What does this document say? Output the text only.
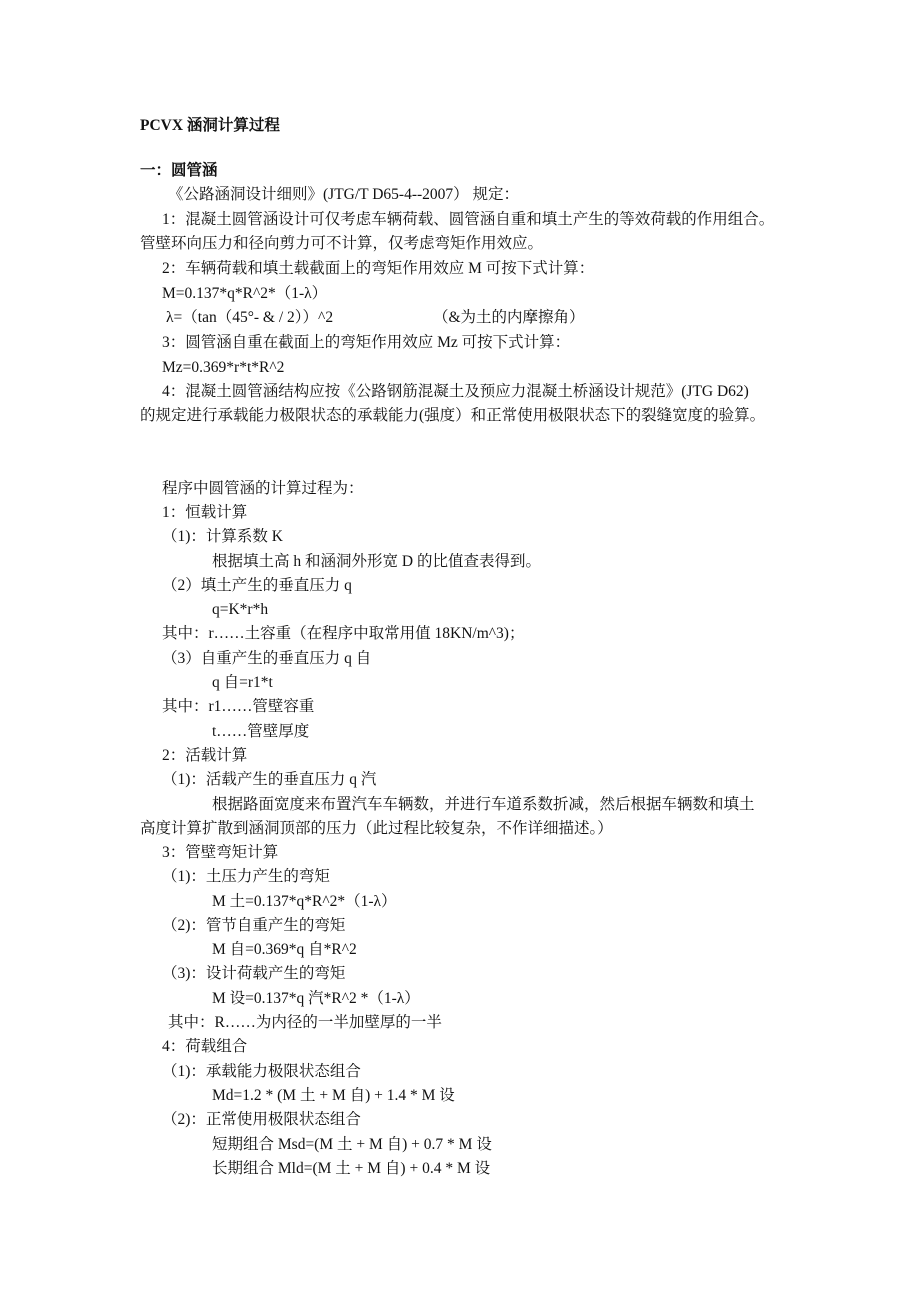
PCVX 涵洞计算过程
一：圆管涵
《公路涵洞设计细则》(JTG/T D65-4--2007） 规定：
1：混凝土圆管涵设计可仅考虑车辆荷载、圆管涵自重和填土产生的等效荷载的作用组合。
管壁环向压力和径向剪力可不计算，仅考虑弯矩作用效应。
2：车辆荷载和填土载截面上的弯矩作用效应 M 可按下式计算：
M=0.137*q*R^2*（1-λ）
λ=（tan（45°- & / 2））^2	（&为土的内摩擦角）
3：圆管涵自重在截面上的弯矩作用效应 Mz 可按下式计算：
Mz=0.369*r*t*R^2
4：混凝土圆管涵结构应按《公路钢筋混凝土及预应力混凝土桥涵设计规范》(JTG D62)
的规定进行承载能力极限状态的承载能力(强度）和正常使用极限状态下的裂缝宽度的验算。
程序中圆管涵的计算过程为：
1：恒载计算
（1)：计算系数 K
根据填土高 h 和涵洞外形宽 D 的比值查表得到。
（2）填土产生的垂直压力 q
q=K*r*h
其中：r……土容重（在程序中取常用值 18KN/m^3)；
（3）自重产生的垂直压力 q 自
q 自=r1*t
其中：r1……管壁容重
t……管壁厚度
2：活载计算
（1)：活载产生的垂直压力 q 汽
根据路面宽度来布置汽车车辆数，并进行车道系数折减，然后根据车辆数和填土
高度计算扩散到涵洞顶部的压力（此过程比较复杂，不作详细描述。）
3：管壁弯矩计算
（1)：土压力产生的弯矩
M 土=0.137*q*R^2*（1-λ）
（2)：管节自重产生的弯矩
M 自=0.369*q 自*R^2
（3)：设计荷载产生的弯矩
M 设=0.137*q 汽*R^2 *（1-λ）
其中：R……为内径的一半加壁厚的一半
4：荷载组合
（1)：承载能力极限状态组合
Md=1.2 * (M 土 + M 自) + 1.4 * M 设
（2)：正常使用极限状态组合
短期组合 Msd=(M 土 + M 自) + 0.7 * M 设
长期组合 Mld=(M 土 + M 自) + 0.4 * M 设
